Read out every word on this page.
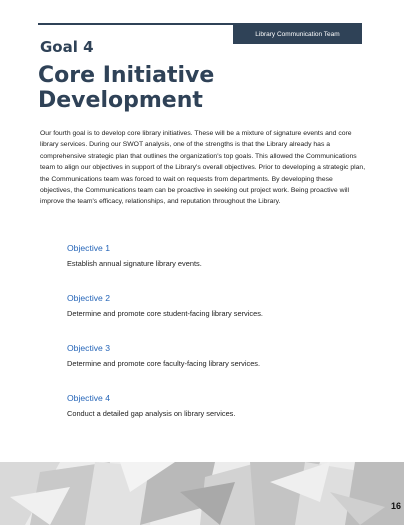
Library Communication Team
Goal 4
Core Initiative Development
Our fourth goal is to develop core library initiatives. These will be a mixture of signature events and core library services. During our SWOT analysis, one of the strengths is that the Library already has a comprehensive strategic plan that outlines the organization's top goals. This allowed the Communications team to align our objectives in support of the Library's overall objectives. Prior to developing a strategic plan, the Communications team was forced to wait on requests from departments. By developing these objectives, the Communications team can be proactive in seeking out project work. Being proactive will improve the team's efficacy, relationships, and reputation throughout the Library.
Objective 1
Establish annual signature library events.
Objective 2
Determine and promote core student-facing library services.
Objective 3
Determine and promote core faculty-facing library services.
Objective 4
Conduct a detailed gap analysis on library services.
16
